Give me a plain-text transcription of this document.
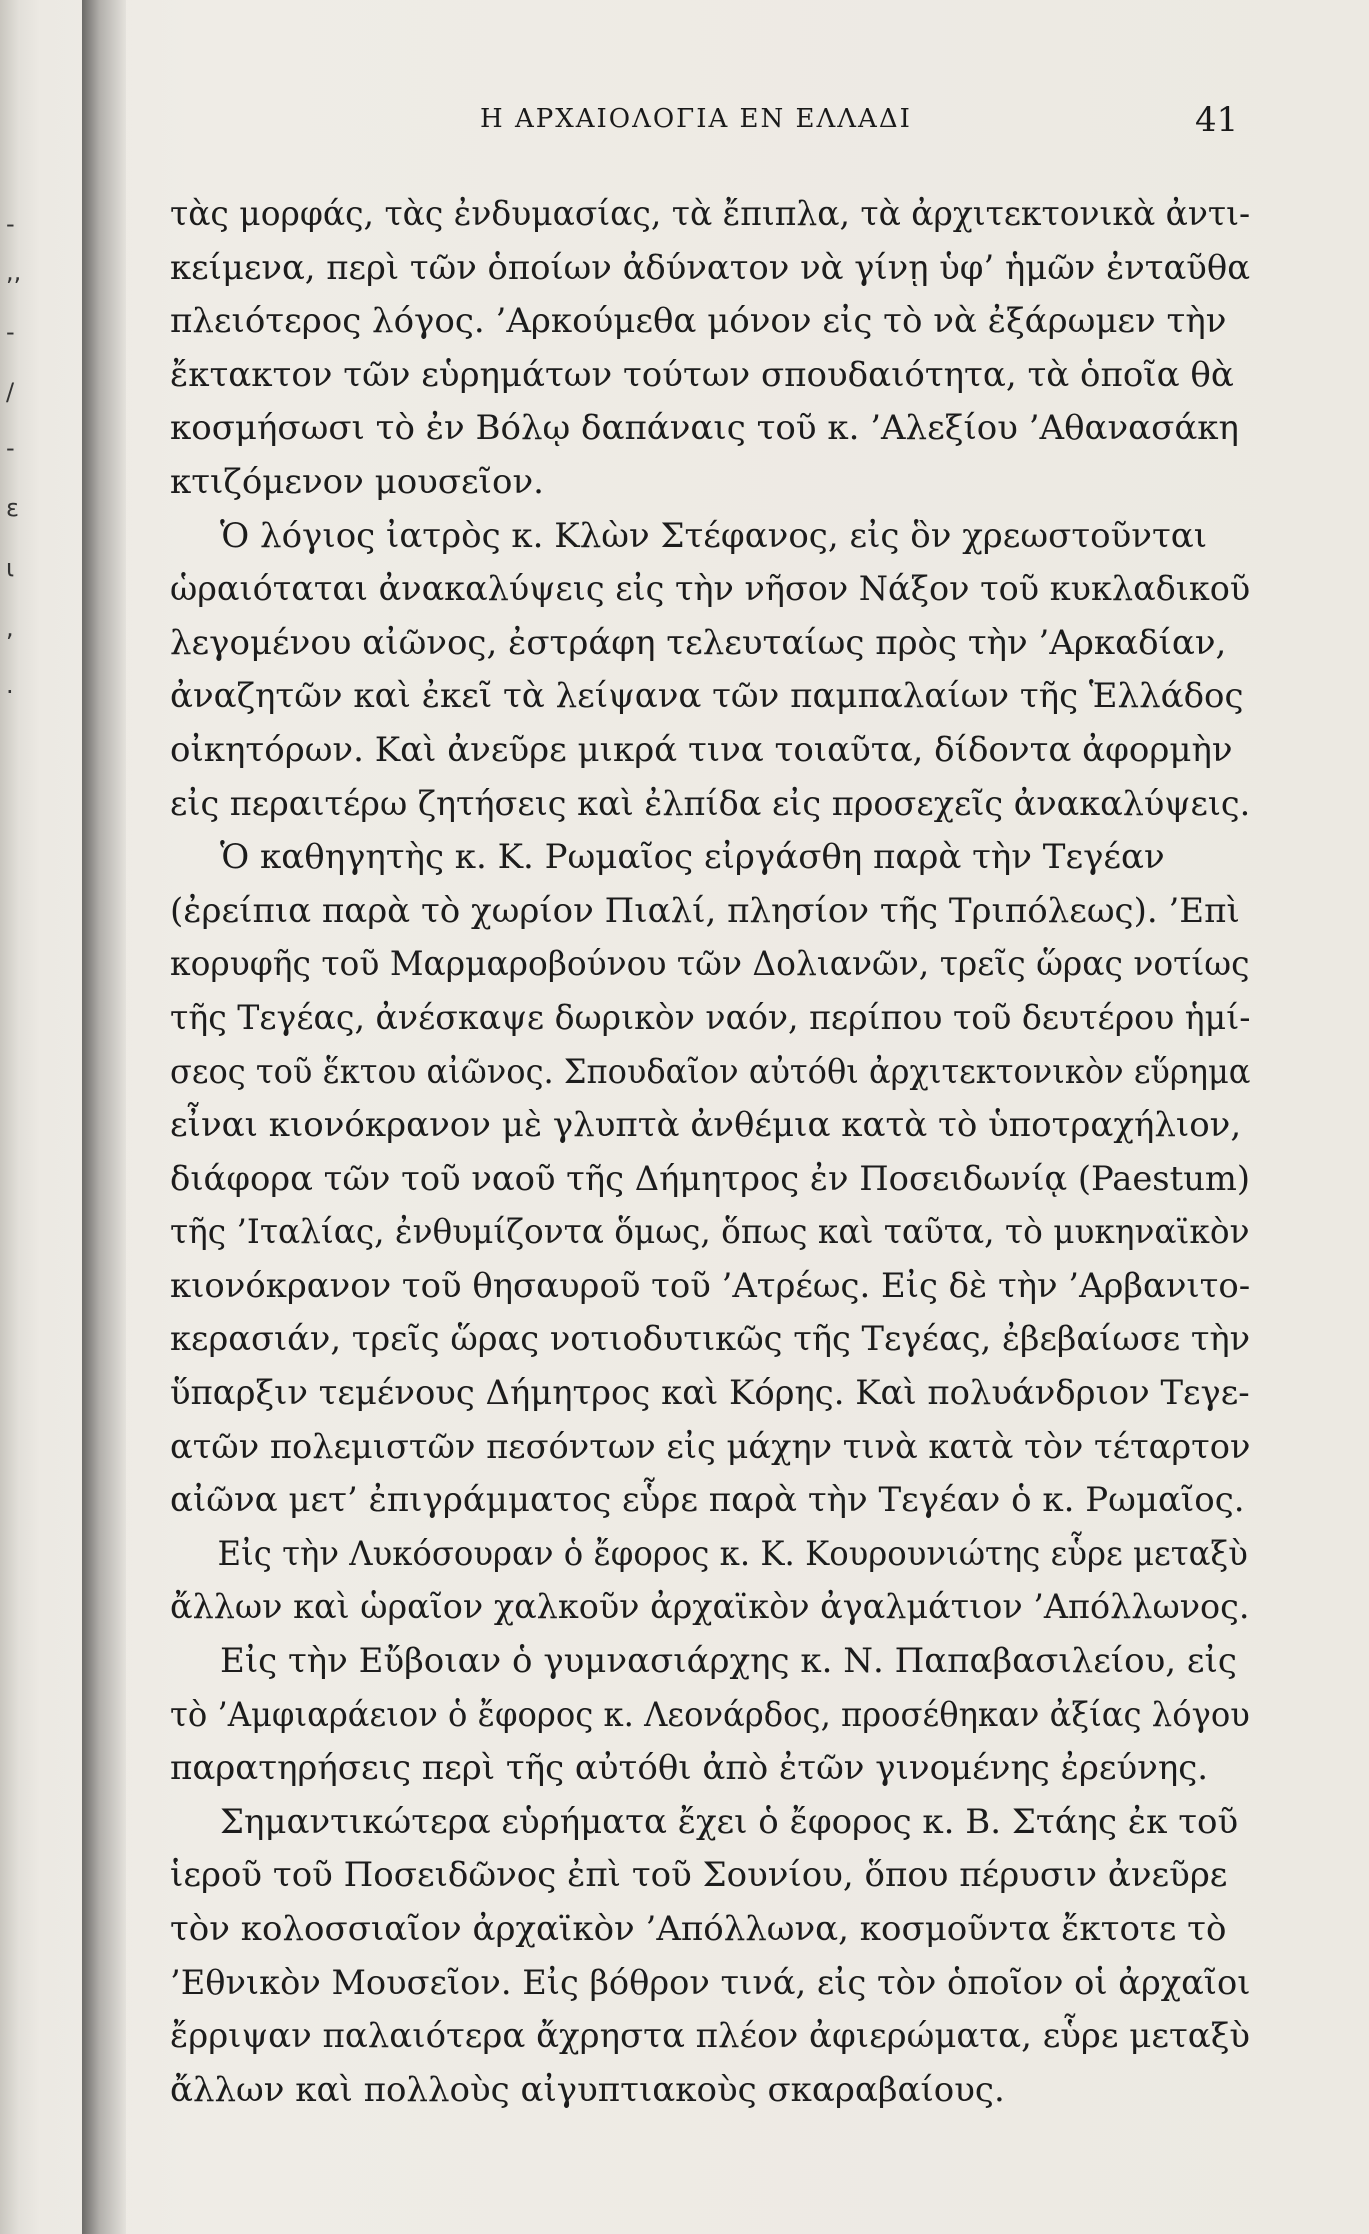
-
,,
-
/
-
ε
ι
,
·
Η ΑΡΧΑΙΟΛΟΓΙΑ ΕΝ ΕΛΛΑΔΙ	41
τὰς μορφάς, τὰς ἐνδυμασίας, τὰ ἔπιπλα, τὰ ἀρχιτεκτονικὰ ἀντι-
κείμενα, περὶ τῶν ὁποίων ἀδύνατον νὰ γίνῃ ὑφ’ ἡμῶν ἐνταῦθα
πλειότερος λόγος. ’Αρκούμεθα μόνον εἰς τὸ νὰ ἐξάρωμεν τὴν
ἔκτακτον τῶν εὑρημάτων τούτων σπουδαιότητα, τὰ ὁποῖα θὰ
κοσμήσωσι τὸ ἐν Βόλῳ δαπάναις τοῦ κ. ’Αλεξίου ’Αθανασάκη
κτιζόμενον μουσεῖον.
Ὁ λόγιος ἰατρὸς κ. Κλὼν Στέφανος, εἰς ὃν χρεωστοῦνται
ὡραιόταται ἀνακαλύψεις εἰς τὴν νῆσον Νάξον τοῦ κυκλαδικοῦ
λεγομένου αἰῶνος, ἐστράφη τελευταίως πρὸς τὴν ’Αρκαδίαν,
ἀναζητῶν καὶ ἐκεῖ τὰ λείψανα τῶν παμπαλαίων τῆς Ἑλλάδος
οἰκητόρων. Καὶ ἀνεῦρε μικρά τινα τοιαῦτα, δίδοντα ἀφορμὴν
εἰς περαιτέρω ζητήσεις καὶ ἐλπίδα εἰς προσεχεῖς ἀνακαλύψεις.
Ὁ καθηγητὴς κ. Κ. Ρωμαῖος εἰργάσθη παρὰ τὴν Τεγέαν
(ἐρείπια παρὰ τὸ χωρίον Πιαλί, πλησίον τῆς Τριπόλεως). ’Επὶ
κορυφῆς τοῦ Μαρμαροβούνου τῶν Δολιανῶν, τρεῖς ὥρας νοτίως
τῆς Τεγέας, ἀνέσκαψε δωρικὸν ναόν, περίπου τοῦ δευτέρου ἡμί-
σεος τοῦ ἕκτου αἰῶνος. Σπουδαῖον αὐτόθι ἀρχιτεκτονικὸν εὕρημα
εἶναι κιονόκρανον μὲ γλυπτὰ ἀνθέμια κατὰ τὸ ὑποτραχήλιον,
διάφορα τῶν τοῦ ναοῦ τῆς Δήμητρος ἐν Ποσειδωνίᾳ (Paestum)
τῆς ’Ιταλίας, ἐνθυμίζοντα ὅμως, ὅπως καὶ ταῦτα, τὸ μυκηναϊκὸν
κιονόκρανον τοῦ θησαυροῦ τοῦ ’Ατρέως. Εἰς δὲ τὴν ’Αρβανιτο-
κερασιάν, τρεῖς ὥρας νοτιοδυτικῶς τῆς Τεγέας, ἐβεβαίωσε τὴν
ὕπαρξιν τεμένους Δήμητρος καὶ Κόρης. Καὶ πολυάνδριον Τεγε-
ατῶν πολεμιστῶν πεσόντων εἰς μάχην τινὰ κατὰ τὸν τέταρτον
αἰῶνα μετ’ ἐπιγράμματος εὗρε παρὰ τὴν Τεγέαν ὁ κ. Ρωμαῖος.
Εἰς τὴν Λυκόσουραν ὁ ἔφορος κ. Κ. Κουρουνιώτης εὗρε μεταξὺ
ἄλλων καὶ ὡραῖον χαλκοῦν ἀρχαϊκὸν ἀγαλμάτιον ’Απόλλωνος.
Εἰς τὴν Εὔβοιαν ὁ γυμνασιάρχης κ. Ν. Παπαβασιλείου, εἰς
τὸ ’Αμφιαράειον ὁ ἔφορος κ. Λεονάρδος, προσέθηκαν ἀξίας λόγου
παρατηρήσεις περὶ τῆς αὐτόθι ἀπὸ ἐτῶν γινομένης ἐρεύνης.
Σημαντικώτερα εὑρήματα ἔχει ὁ ἔφορος κ. Β. Στάης ἐκ τοῦ
ἱεροῦ τοῦ Ποσειδῶνος ἐπὶ τοῦ Σουνίου, ὅπου πέρυσιν ἀνεῦρε
τὸν κολοσσιαῖον ἀρχαϊκὸν ’Απόλλωνα, κοσμοῦντα ἔκτοτε τὸ
’Εθνικὸν Μουσεῖον. Εἰς βόθρον τινά, εἰς τὸν ὁποῖον οἱ ἀρχαῖοι
ἔρριψαν παλαιότερα ἄχρηστα πλέον ἀφιερώματα, εὗρε μεταξὺ
ἄλλων καὶ πολλοὺς αἰγυπτιακοὺς σκαραβαίους.
